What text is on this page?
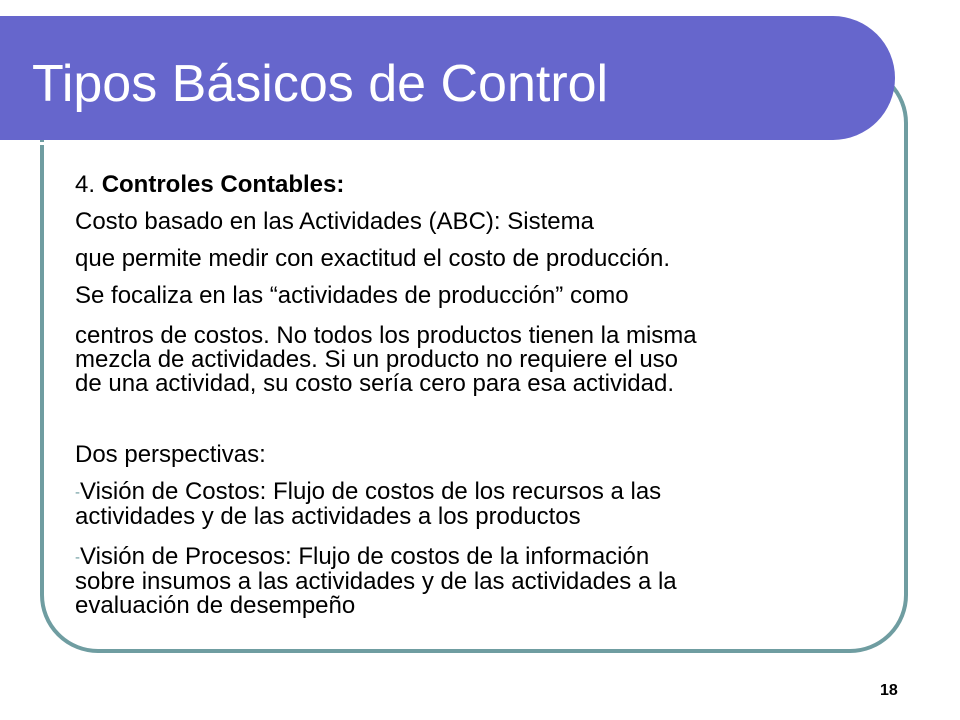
Tipos Básicos de Control

4. Controles Contables:

Costo basado en las Actividades (ABC): Sistema

que permite medir con exactitud el costo de producción.

Se focaliza en las “actividades de producción” como

centros de costos. No todos los productos tienen la misma

mezcla de actividades. Si un producto no requiere el uso

de una actividad, su costo sería cero para esa actividad.

Dos perspectivas:

-Visión de Costos: Flujo de costos de los recursos a las

actividades y de las actividades a los productos

-Visión de Procesos: Flujo de costos de la información

sobre insumos a las actividades y de las actividades a la

evaluación de desempeño

18
